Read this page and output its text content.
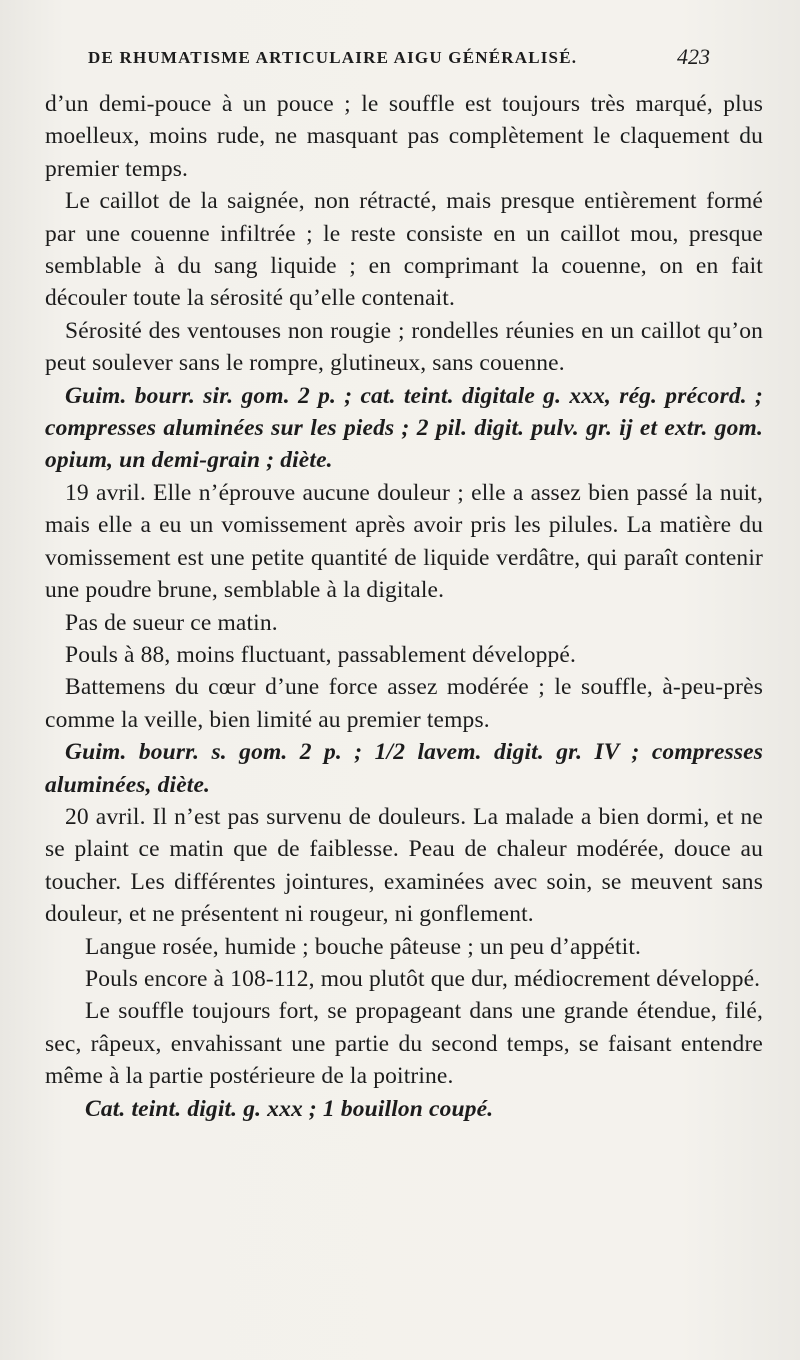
DE RHUMATISME ARTICULAIRE AIGU GÉNÉRALISÉ.	423

d’un demi-pouce à un pouce ; le souffle est toujours très marqué, plus moelleux, moins rude, ne masquant pas complètement le claquement du premier temps.

Le caillot de la saignée, non rétracté, mais presque entièrement formé par une couenne infiltrée ; le reste consiste en un caillot mou, presque semblable à du sang liquide ; en comprimant la couenne, on en fait découler toute la sérosité qu’elle contenait.

Sérosité des ventouses non rougie ; rondelles réunies en un caillot qu’on peut soulever sans le rompre, glutineux, sans couenne.

Guim. bourr. sir. gom. 2 p. ; cat. teint. digitale g. xxx, rég. précord. ; compresses aluminées sur les pieds ; 2 pil. digit. pulv. gr. ij et extr. gom. opium, un demi-grain ; diète.

19 avril. Elle n’éprouve aucune douleur ; elle a assez bien passé la nuit, mais elle a eu un vomissement après avoir pris les pilules. La matière du vomissement est une petite quantité de liquide verdâtre, qui paraît contenir une poudre brune, semblable à la digitale.

Pas de sueur ce matin.

Pouls à 88, moins fluctuant, passablement développé.

Battemens du cœur d’une force assez modérée ; le souffle, à-peu-près comme la veille, bien limité au premier temps.

Guim. bourr. s. gom. 2 p. ; 1/2 lavem. digit. gr. IV ; compresses aluminées, diète.

20 avril. Il n’est pas survenu de douleurs. La malade a bien dormi, et ne se plaint ce matin que de faiblesse. Peau de chaleur modérée, douce au toucher. Les différentes jointures, examinées avec soin, se meuvent sans douleur, et ne présentent ni rougeur, ni gonflement.

Langue rosée, humide ; bouche pâteuse ; un peu d’appétit.

Pouls encore à 108-112, mou plutôt que dur, médiocrement développé.

Le souffle toujours fort, se propageant dans une grande étendue, filé, sec, râpeux, envahissant une partie du second temps, se faisant entendre même à la partie postérieure de la poitrine.

Cat. teint. digit. g. xxx ; 1 bouillon coupé.
